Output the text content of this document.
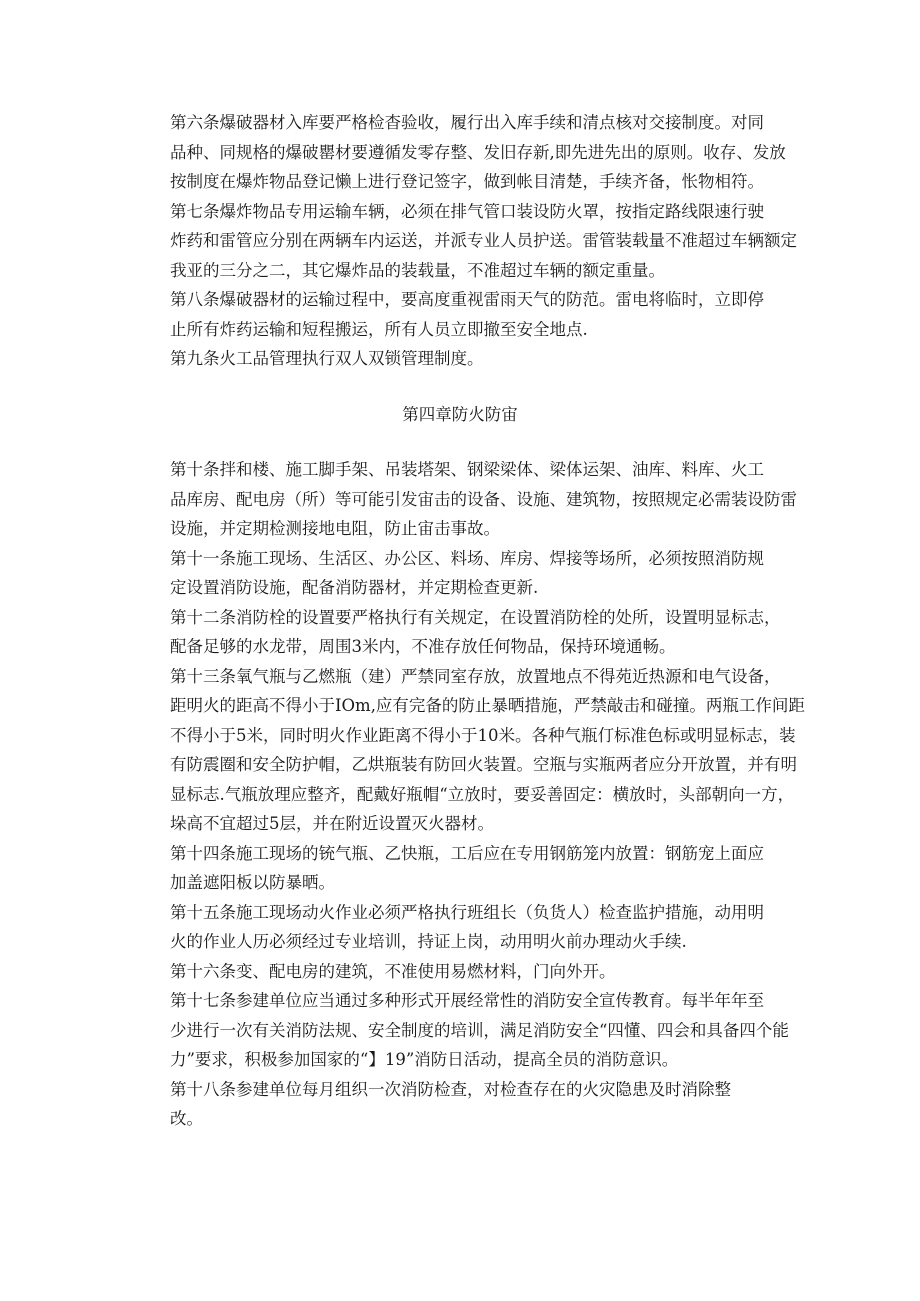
第六条爆破器材入库要严格检杳验收，履行出入库手续和清点核对交接制度。对同
品种、同规格的爆破罌材要遵循发零存整、发旧存新,即先进先出的原则。收存、发放
按制度在爆炸物品登记懒上进行登记签字，做到帐目清楚，手续齐备，怅物相符。

第七条爆炸物品专用运输车辆，必须在排气管口装设防火罩，按指定路线限速行驶
炸药和雷管应分别在两辆车内运送，并派专业人员护送。雷管装载量不准超过车辆额定
我亚的三分之二，其它爆炸品的装载量，不准超过车辆的额定重量。

第八条爆破器材的运输过程中，要高度重视雷雨天气的防范。雷电将临时，立即停
止所有炸药运输和短程搬运，所有人员立即撤至安全地点.

第九条火工品管理执行双人双锁管理制度。

第四章防火防宙

第十条拌和楼、施工脚手架、吊装塔架、钢梁梁体、梁体运架、油库、料库、火工
品库房、配电房（所）等可能引发宙击的设备、设施、建筑物，按照规定必需装设防雷
设施，并定期检测接地电阻，防止宙击事故。

第十一条施工现场、生活区、办公区、料场、库房、焊接等场所，必须按照消防规
定设置消防设施，配备消防器材，并定期检查更新.

第十二条消防栓的设置要严格执行有关规定，在设置消防栓的处所，设置明显标志，
配备足够的水龙带，周围3米内，不准存放任何物品，保持环境通畅。

第十三条氧气瓶与乙燃瓶（建）严禁同室存放，放置地点不得苑近热源和电气设备，
距明火的距高不得小于IOm,应有完备的防止暴晒措施，严禁敲击和碰撞。两瓶工作间距
不得小于5米，同时明火作业距离不得小于10米。各种气瓶仃标准色标或明显标志，装
有防震圈和安全防护帽，乙烘瓶装有防回火装置。空瓶与实瓶两者应分开放置，并有明
显标志.气瓶放理应整齐，配戴好瓶帽“立放时，要妥善固定：横放时，头部朝向一方，
垛高不宜超过5层，并在附近设置灭火器材。

第十四条施工现场的铳气瓶、乙快瓶，工后应在专用钢筋笼内放置：钢筋宠上面应
加盖遮阳板以防暴晒。

第十五条施工现场动火作业必须严格执行班组长（负货人）检查监护措施，动用明
火的作业人历必须经过专业培训，持证上岗，动用明火前办理动火手续.

第十六条变、配电房的建筑，不准使用易燃材料，门向外开。

第十七条参建单位应当通过多种形式开展经常性的消防安全宣传教育。每半年年至
少进行一次有关消防法规、安全制度的培训，满足消防安全“四懂、四会和具备四个能
力”要求，积极参加国家的“】19”消防日活动，提高全员的消防意识。

第十八条参建单位每月组织一次消防检查，对检查存在的火灾隐患及时消除整
改。
